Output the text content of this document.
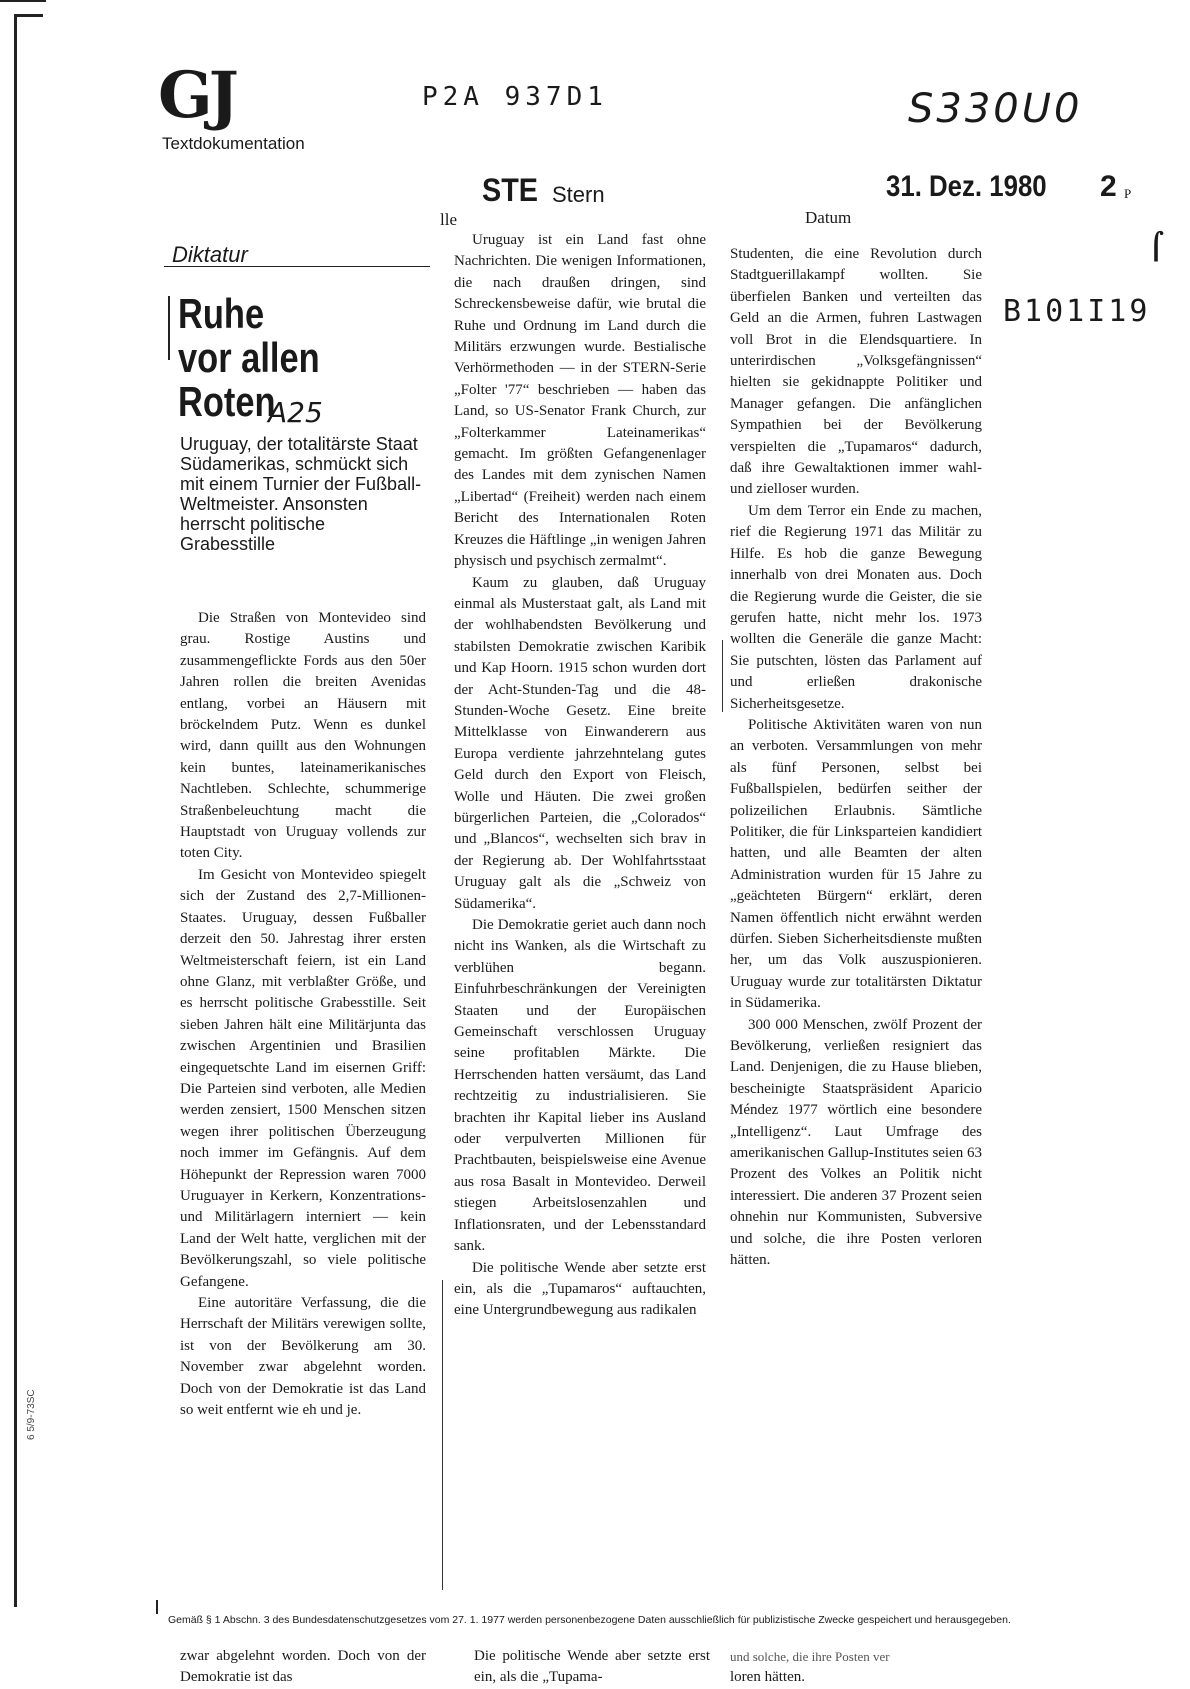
GJ
Textdokumentation
P2A 937D1	S330U0
STE Stern	31. Dez. 1980 2 P
lle	Datum
B101I19
⌠
Diktatur
Ruhe
vor allen
Roten
A25
Uruguay, der totalitärste Staat Südamerikas, schmückt sich mit einem Turnier der Fußball-Weltmeister. Ansonsten herrscht politische Grabesstille

Die Straßen von Montevideo sind grau. Rostige Austins und zusammengeflickte Fords aus den 50er Jahren rollen die breiten Avenidas entlang, vorbei an Häusern mit bröckelndem Putz. Wenn es dunkel wird, dann quillt aus den Wohnungen kein buntes, lateinamerikanisches Nachtleben. Schlechte, schummerige Straßenbeleuchtung macht die Hauptstadt von Uruguay vollends zur toten City.

Im Gesicht von Montevideo spiegelt sich der Zustand des 2,7-Millionen-Staates. Uruguay, dessen Fußballer derzeit den 50. Jahrestag ihrer ersten Weltmeisterschaft feiern, ist ein Land ohne Glanz, mit verblaßter Größe, und es herrscht politische Grabesstille. Seit sieben Jahren hält eine Militärjunta das zwischen Argentinien und Brasilien eingequetschte Land im eisernen Griff: Die Parteien sind verboten, alle Medien werden zensiert, 1500 Menschen sitzen wegen ihrer politischen Überzeugung noch immer im Gefängnis. Auf dem Höhepunkt der Repression waren 7000 Uruguayer in Kerkern, Konzentrations- und Militärlagern interniert — kein Land der Welt hatte, verglichen mit der Bevölkerungszahl, so viele politische Gefangene.

Eine autoritäre Verfassung, die die Herrschaft der Militärs verewigen sollte, ist von der Bevölkerung am 30. November zwar abgelehnt worden. Doch von der Demokratie ist das Land so weit entfernt wie eh und je.

Uruguay ist ein Land fast ohne Nachrichten. Die wenigen Informationen, die nach draußen dringen, sind Schreckensbeweise dafür, wie brutal die Ruhe und Ordnung im Land durch die Militärs erzwungen wurde. Bestialische Verhörmethoden — in der STERN-Serie „Folter '77“ beschrieben — haben das Land, so US-Senator Frank Church, zur „Folterkammer Lateinamerikas“ gemacht. Im größten Gefangenenlager des Landes mit dem zynischen Namen „Libertad“ (Freiheit) werden nach einem Bericht des Internationalen Roten Kreuzes die Häftlinge „in wenigen Jahren physisch und psychisch zermalmt“.

Kaum zu glauben, daß Uruguay einmal als Musterstaat galt, als Land mit der wohlhabendsten Bevölkerung und stabilsten Demokratie zwischen Karibik und Kap Hoorn. 1915 schon wurden dort der Acht-Stunden-Tag und die 48-Stunden-Woche Gesetz. Eine breite Mittelklasse von Einwanderern aus Europa verdiente jahrzehntelang gutes Geld durch den Export von Fleisch, Wolle und Häuten. Die zwei großen bürgerlichen Parteien, die „Colorados“ und „Blancos“, wechselten sich brav in der Regierung ab. Der Wohlfahrtsstaat Uruguay galt als die „Schweiz von Südamerika“.

Die Demokratie geriet auch dann noch nicht ins Wanken, als die Wirtschaft zu verblühen begann. Einfuhrbeschränkungen der Vereinigten Staaten und der Europäischen Gemeinschaft verschlossen Uruguay seine profitablen Märkte. Die Herrschenden hatten versäumt, das Land rechtzeitig zu industrialisieren. Sie brachten ihr Kapital lieber ins Ausland oder verpulverten Millionen für Prachtbauten, beispielsweise eine Avenue aus rosa Basalt in Montevideo. Derweil stiegen Arbeitslosenzahlen und Inflationsraten, und der Lebensstandard sank.

Die politische Wende aber setzte erst ein, als die „Tupamaros“ auftauchten, eine Untergrundbewegung aus radikalen

Studenten, die eine Revolution durch Stadtguerillakampf wollten. Sie überfielen Banken und verteilten das Geld an die Armen, fuhren Lastwagen voll Brot in die Elendsquartiere. In unterirdischen „Volksgefängnissen“ hielten sie gekidnappte Politiker und Manager gefangen. Die anfänglichen Sympathien bei der Bevölkerung verspielten die „Tupamaros“ dadurch, daß ihre Gewaltaktionen immer wahl- und zielloser wurden.

Um dem Terror ein Ende zu machen, rief die Regierung 1971 das Militär zu Hilfe. Es hob die ganze Bewegung innerhalb von drei Monaten aus. Doch die Regierung wurde die Geister, die sie gerufen hatte, nicht mehr los. 1973 wollten die Generäle die ganze Macht: Sie putschten, lösten das Parlament auf und erließen drakonische Sicherheitsgesetze.

Politische Aktivitäten waren von nun an verboten. Versammlungen von mehr als fünf Personen, selbst bei Fußballspielen, bedürfen seither der polizeilichen Erlaubnis. Sämtliche Politiker, die für Linksparteien kandidiert hatten, und alle Beamten der alten Administration wurden für 15 Jahre zu „geächteten Bürgern“ erklärt, deren Namen öffentlich nicht erwähnt werden dürfen. Sieben Sicherheitsdienste mußten her, um das Volk auszuspionieren. Uruguay wurde zur totalitärsten Diktatur in Südamerika.

300 000 Menschen, zwölf Prozent der Bevölkerung, verließen resigniert das Land. Denjenigen, die zu Hause blieben, bescheinigte Staatspräsident Aparicio Méndez 1977 wörtlich eine besondere „Intelligenz“. Laut Umfrage des amerikanischen Gallup-Institutes seien 63 Prozent des Volkes an Politik nicht interessiert. Die anderen 37 Prozent seien ohnehin nur Kommunisten, Subversive und solche, die ihre Posten verloren hätten.

Gemäß § 1 Abschn. 3 des Bundesdatenschutzgesetzes vom 27. 1. 1977 werden personenbezogene Daten ausschließlich für publizistische Zwecke gespeichert und herausgegeben.
6 5/9-73SC
zwar abgelehnt worden. Doch von der Demokratie ist das
Die politische Wende aber setzte erst ein, als die „Tupama-
und solche, die ihre Posten ver
loren hätten.
